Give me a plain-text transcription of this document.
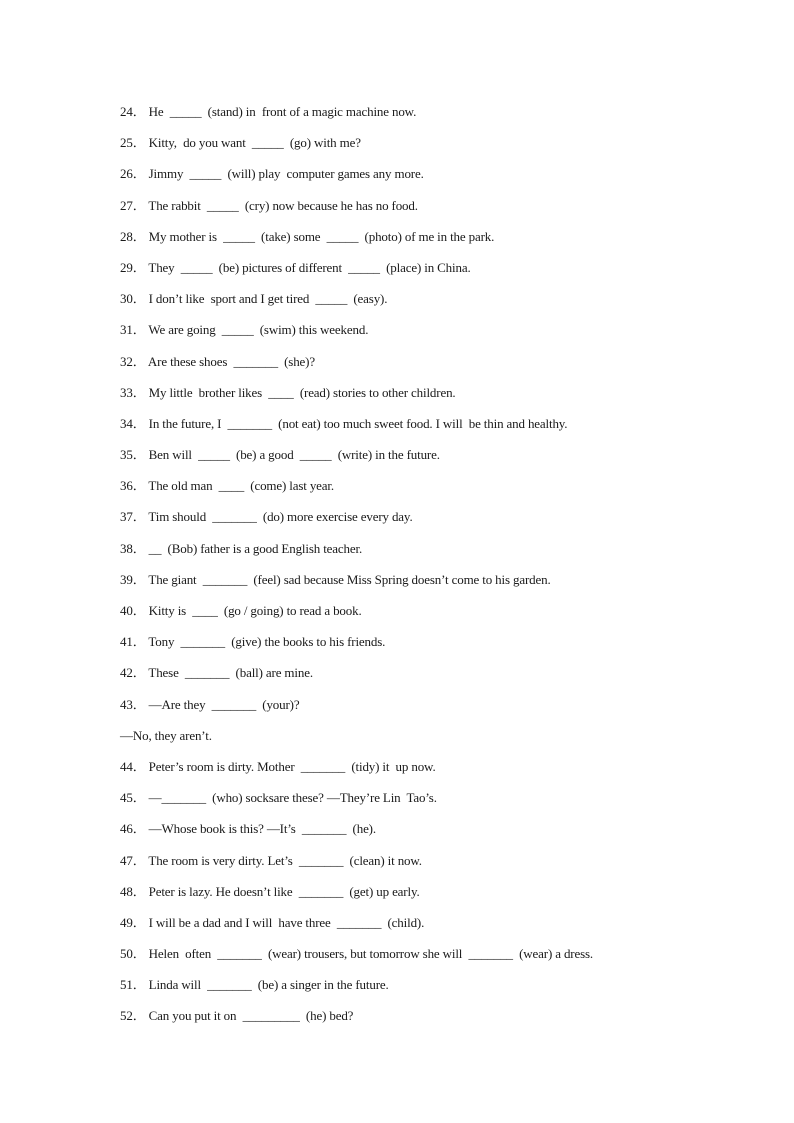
24． He  _____  (stand) in  front of a magic machine now.
25． Kitty,  do you want  _____  (go) with me?
26． Jimmy  _____  (will) play  computer games any more.
27． The rabbit  _____  (cry) now because he has no food.
28． My mother is  _____  (take) some  _____  (photo) of me in the park.
29． They  _____  (be) pictures of different  _____  (place) in China.
30． I don’t like  sport and I get tired  _____  (easy).
31． We are going  _____  (swim) this weekend.
32． Are these shoes  _______  (she)?
33． My little  brother likes  ____  (read) stories to other children.
34． In the future, I  _______  (not eat) too much sweet food. I will  be thin and healthy.
35． Ben will  _____  (be) a good  _____  (write) in the future.
36． The old man  ____  (come) last year.
37． Tim should  _______  (do) more exercise every day.
38． __  (Bob) father is a good English teacher.
39． The giant  _______  (feel) sad because Miss Spring doesn’t come to his garden.
40． Kitty is  ____  (go / going) to read a book.
41． Tony  _______  (give) the books to his friends.
42． These  _______  (ball) are mine.
43． —Are they  _______  (your)?
—No, they aren’t.
44． Peter’s room is dirty. Mother  _______  (tidy) it  up now.
45． —_______  (who) socksare these? —They’re Lin  Tao’s.
46． —Whose book is this? —It’s  _______  (he).
47． The room is very dirty. Let’s  _______  (clean) it now.
48． Peter is lazy. He doesn’t like  _______  (get) up early.
49． I will be a dad and I will  have three  _______  (child).
50． Helen  often  _______  (wear) trousers, but tomorrow she will  _______  (wear) a dress.
51． Linda will  _______  (be) a singer in the future.
52． Can you put it on  _________  (he) bed?
